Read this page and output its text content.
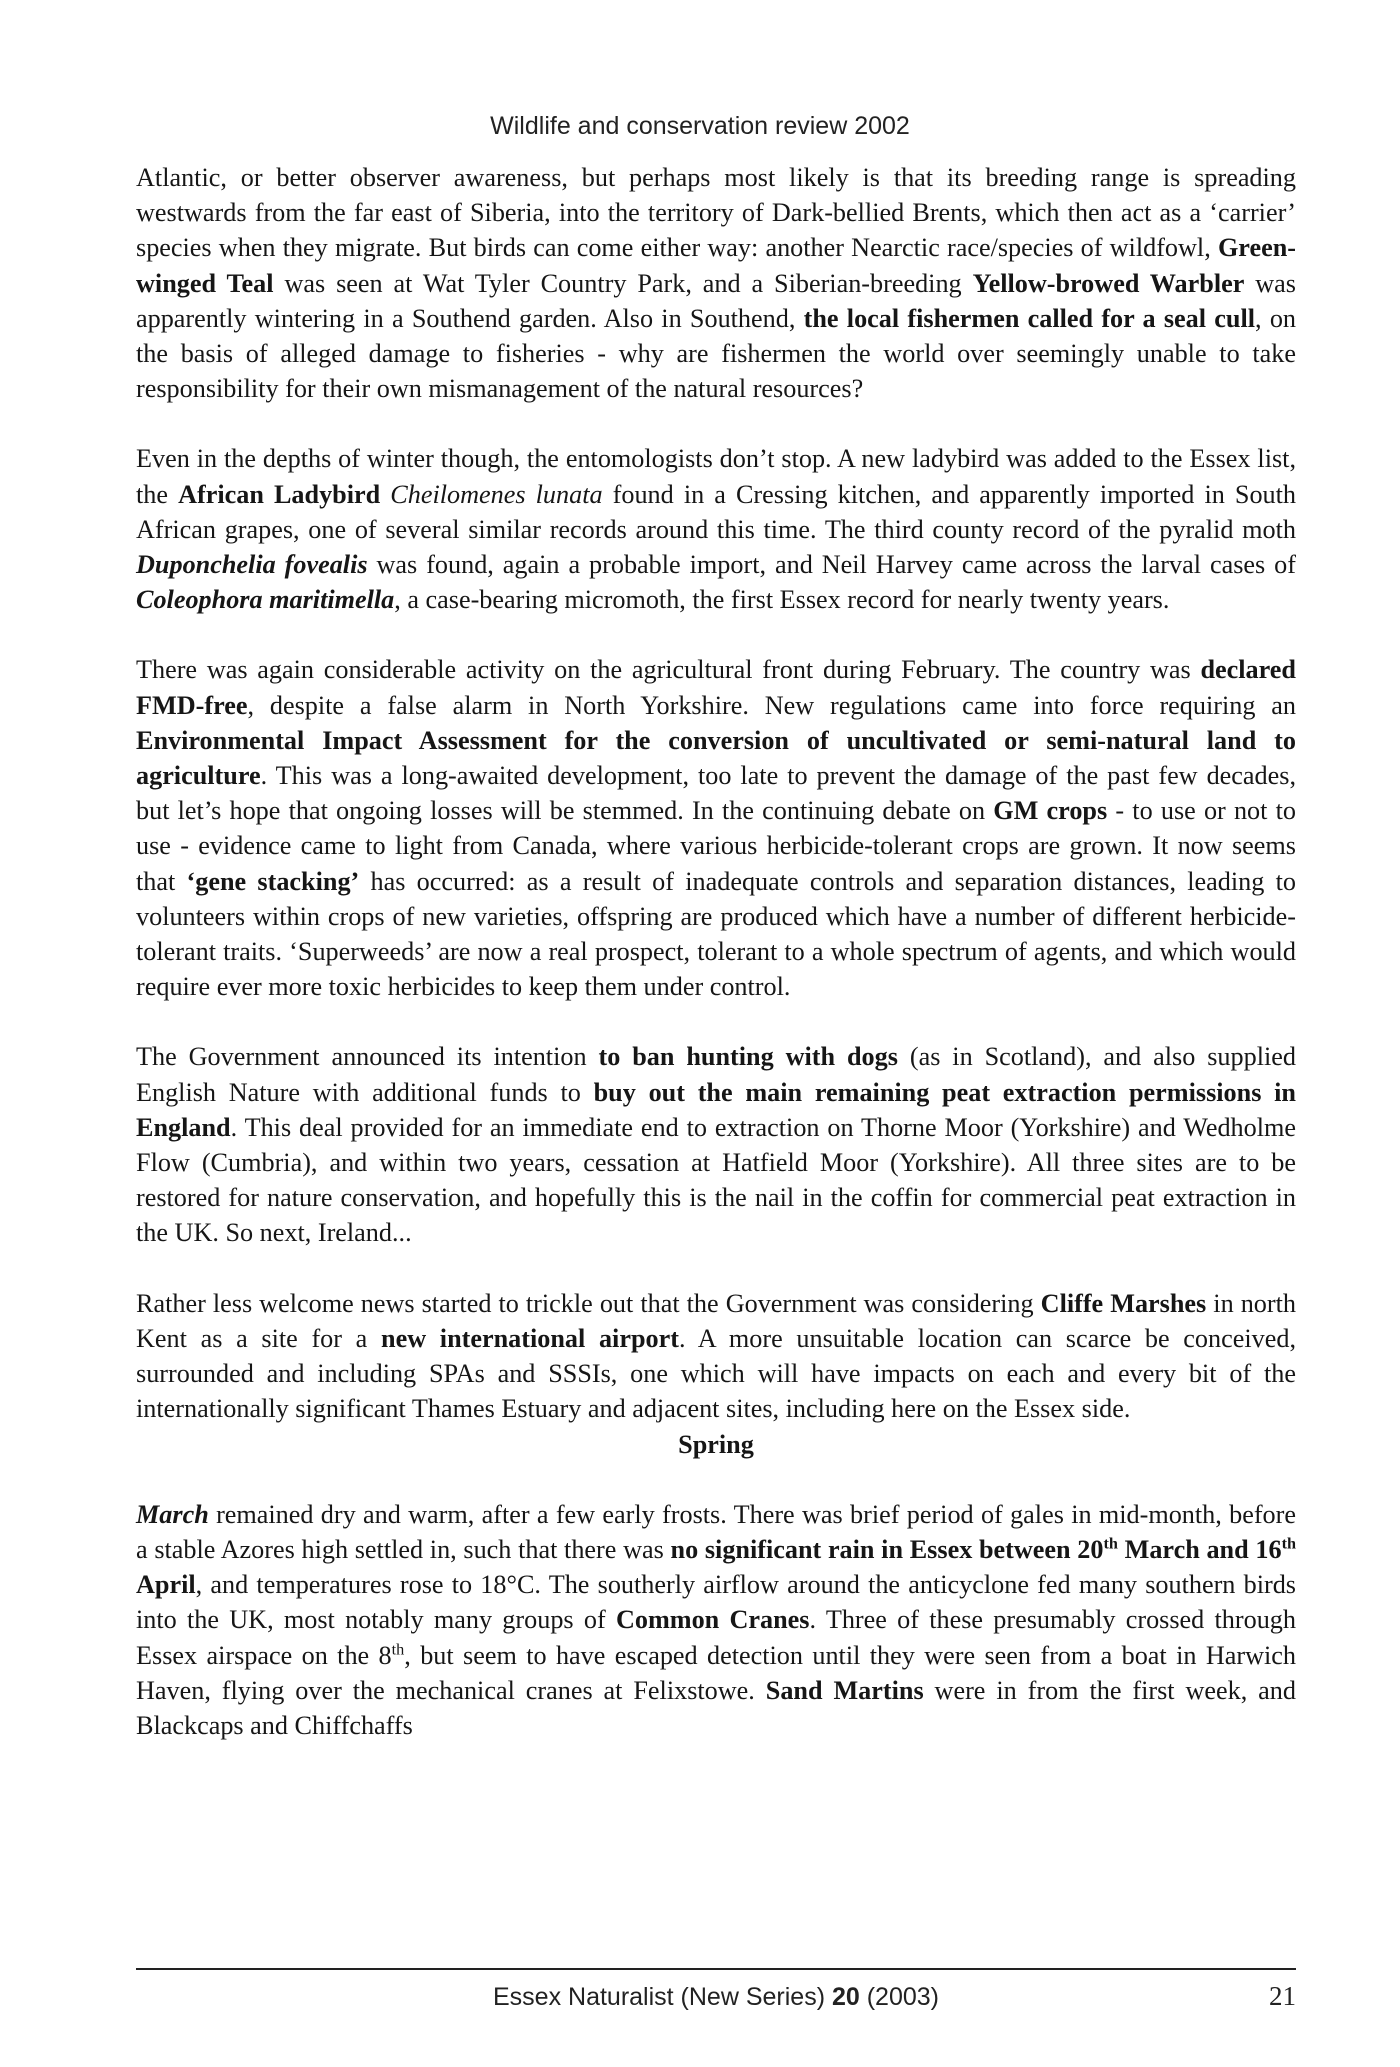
Wildlife and conservation review 2002

Atlantic, or better observer awareness, but perhaps most likely is that its breeding range is spreading westwards from the far east of Siberia, into the territory of Dark-bellied Brents, which then act as a ‘carrier’ species when they migrate. But birds can come either way: another Nearctic race/species of wildfowl, Green-winged Teal was seen at Wat Tyler Country Park, and a Siberian-breeding Yellow-browed Warbler was apparently wintering in a Southend garden. Also in Southend, the local fishermen called for a seal cull, on the basis of alleged damage to fisheries - why are fishermen the world over seemingly unable to take responsibility for their own mismanagement of the natural resources?

Even in the depths of winter though, the entomologists don’t stop. A new ladybird was added to the Essex list, the African Ladybird Cheilomenes lunata found in a Cressing kitchen, and apparently imported in South African grapes, one of several similar records around this time. The third county record of the pyralid moth Duponchelia fovealis was found, again a probable import, and Neil Harvey came across the larval cases of Coleophora maritimella, a case-bearing micromoth, the first Essex record for nearly twenty years.

There was again considerable activity on the agricultural front during February. The country was declared FMD-free, despite a false alarm in North Yorkshire. New regulations came into force requiring an Environmental Impact Assessment for the conversion of uncultivated or semi-natural land to agriculture. This was a long-awaited development, too late to prevent the damage of the past few decades, but let’s hope that ongoing losses will be stemmed. In the continuing debate on GM crops - to use or not to use - evidence came to light from Canada, where various herbicide-tolerant crops are grown. It now seems that ‘gene stacking’ has occurred: as a result of inadequate controls and separation distances, leading to volunteers within crops of new varieties, offspring are produced which have a number of different herbicide-tolerant traits. ‘Superweeds’ are now a real prospect, tolerant to a whole spectrum of agents, and which would require ever more toxic herbicides to keep them under control.

The Government announced its intention to ban hunting with dogs (as in Scotland), and also supplied English Nature with additional funds to buy out the main remaining peat extraction permissions in England. This deal provided for an immediate end to extraction on Thorne Moor (Yorkshire) and Wedholme Flow (Cumbria), and within two years, cessation at Hatfield Moor (Yorkshire). All three sites are to be restored for nature conservation, and hopefully this is the nail in the coffin for commercial peat extraction in the UK. So next, Ireland...

Rather less welcome news started to trickle out that the Government was considering Cliffe Marshes in north Kent as a site for a new international airport. A more unsuitable location can scarce be conceived, surrounded and including SPAs and SSSIs, one which will have impacts on each and every bit of the internationally significant Thames Estuary and adjacent sites, including here on the Essex side.

Spring

March remained dry and warm, after a few early frosts. There was brief period of gales in mid-month, before a stable Azores high settled in, such that there was no significant rain in Essex between 20th March and 16th April, and temperatures rose to 18°C. The southerly airflow around the anticyclone fed many southern birds into the UK, most notably many groups of Common Cranes. Three of these presumably crossed through Essex airspace on the 8th, but seem to have escaped detection until they were seen from a boat in Harwich Haven, flying over the mechanical cranes at Felixstowe. Sand Martins were in from the first week, and Blackcaps and Chiffchaffs

Essex Naturalist (New Series) 20 (2003)	21
